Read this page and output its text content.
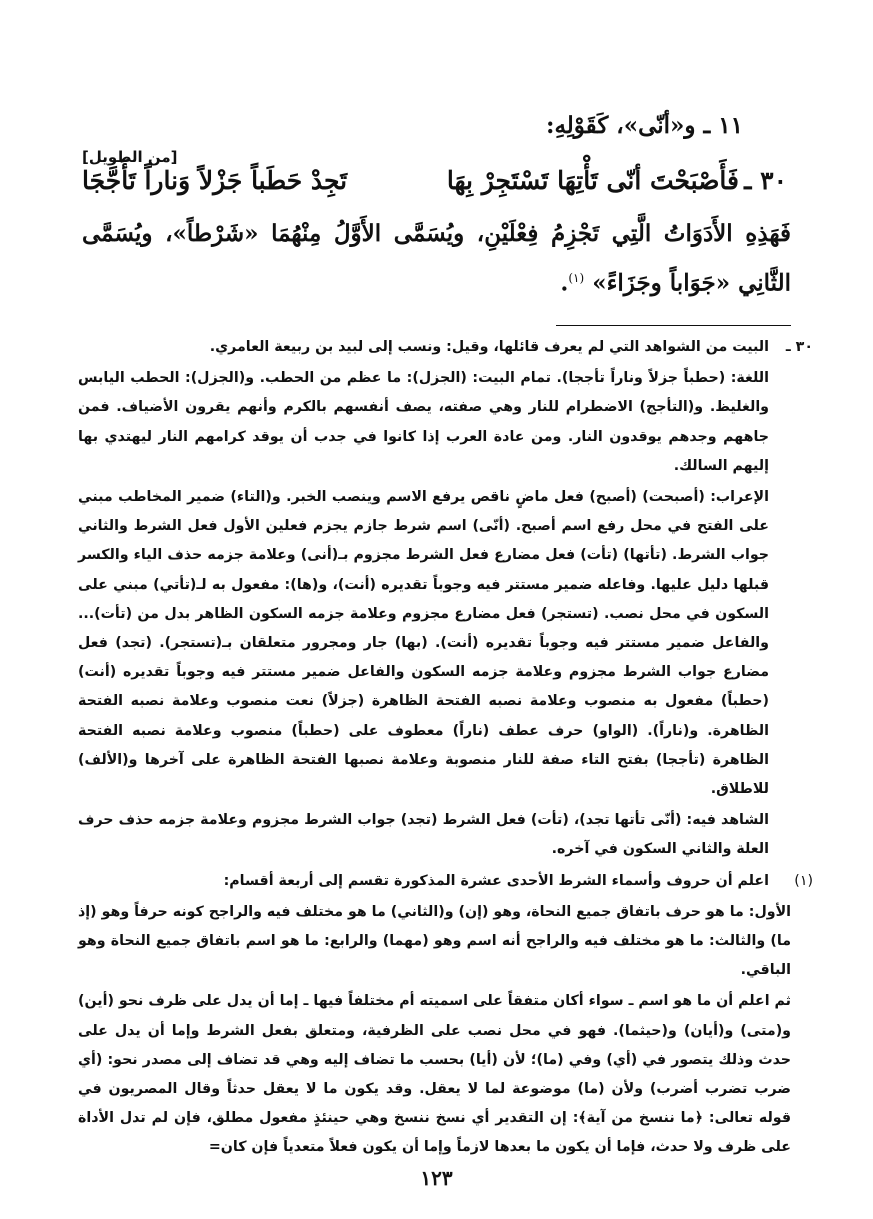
١١ ـ و«أنّى»، كَقَوْلِهِ:
[من الطويل]
٣٠ ـ
فَأَصْبَحْتَ أنّى تَأْتِهَا تَسْتَجِرْ بِهَا
تَجِدْ حَطَباً جَزْلاً وَناراً تَأَجَّجَا
فَهَذِهِ الأَدَوَاتُ الَّتِي تَجْزِمُ فِعْلَيْنِ، ويُسَمَّى الأَوَّلُ مِنْهُمَا «شَرْطاً»، ويُسَمَّى الثَّانِي «جَوَاباً وجَزَاءً» $^{(١)}$.

٣٠ ـ
البيت من الشواهد التي لم يعرف قائلها، وقيل: ونسب إلى لبيد بن ربيعة العامري.

اللغة: (حطباً جزلاً وناراً تأججا). تمام البيت: (الجزل): ما عظم من الحطب. و(الجزل): الحطب اليابس والغليظ. و(التأجج) الاضطرام للنار وهي صفته، يصف أنفسهم بالكرم وأنهم يقرون الأضياف. فمن جاههم وجدهم يوقدون النار. ومن عادة العرب إذا كانوا في جدب أن يوقد كرامهم النار ليهتدي بها إليهم السالك.

الإعراب: (أصبحت) (أصبح) فعل ماضٍ ناقص يرفع الاسم وينصب الخبر. و(التاء) ضمير المخاطب مبني على الفتح في محل رفع اسم أصبح. (أنّى) اسم شرط جازم يجزم فعلين الأول فعل الشرط والثاني جواب الشرط. (تأتها) (تأت) فعل مضارع فعل الشرط مجزوم بـ(أنى) وعلامة جزمه حذف الياء والكسر قبلها دليل عليها. وفاعله ضمير مستتر فيه وجوباً تقديره (أنت)، و(ها): مفعول به لـ(تأتي) مبني على السكون في محل نصب. (تستجر) فعل مضارع مجزوم وعلامة جزمه السكون الظاهر بدل من (تأت)... والفاعل ضمير مستتر فيه وجوباً تقديره (أنت). (بها) جار ومجرور متعلقان بـ(تستجر). (تجد) فعل مضارع جواب الشرط مجزوم وعلامة جزمه السكون والفاعل ضمير مستتر فيه وجوباً تقديره (أنت) (حطباً) مفعول به منصوب وعلامة نصبه الفتحة الظاهرة (جزلاً) نعت منصوب وعلامة نصبه الفتحة الظاهرة. و(ناراً). (الواو) حرف عطف (ناراً) معطوف على (حطباً) منصوب وعلامة نصبه الفتحة الظاهرة (تأججا) بفتح التاء صفة للنار منصوبة وعلامة نصبها الفتحة الظاهرة على آخرها و(الألف) للاطلاق.

الشاهد فيه: (أنّى تأتها تجد)، (تأت) فعل الشرط (تجد) جواب الشرط مجزوم وعلامة جزمه حذف حرف العلة والثاني السكون في آخره.

(١)
اعلم أن حروف وأسماء الشرط الأحدى عشرة المذكورة تقسم إلى أربعة أقسام:

الأول: ما هو حرف باتفاق جميع النحاة، وهو (إن) و(الثاني) ما هو مختلف فيه والراجح كونه حرفاً وهو (إذ ما) والثالث: ما هو مختلف فيه والراجح أنه اسم وهو (مهما) والرابع: ما هو اسم باتفاق جميع النحاة وهو الباقي.

ثم اعلم أن ما هو اسم ـ سواء أكان متفقاً على اسميته أم مختلفاً فيها ـ إما أن يدل على ظرف نحو (أين) و(متى) و(أيان) و(حيثما). فهو في محل نصب على الظرفية، ومتعلق بفعل الشرط وإما أن يدل على حدث وذلك يتصور في (أي) وفي (ما)؛ لأن (أيا) بحسب ما تضاف إليه وهي قد تضاف إلى مصدر نحو: (أي ضرب تضرب أضرب) ولأن (ما) موضوعة لما لا يعقل. وقد يكون ما لا يعقل حدثاً وقال المصريون في قوله تعالى: ﴿ما ننسخ من آية﴾: إن التقدير أي نسخ ننسخ وهي حينئذٍ مفعول مطلق، فإن لم تدل الأداة على ظرف ولا حدث، فإما أن يكون ما بعدها لازماً وإما أن يكون فعلاً متعدياً فإن كان=

١٢٣
